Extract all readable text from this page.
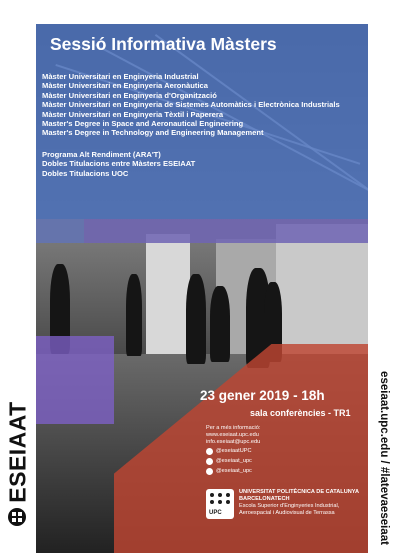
ESEIAAT
Sessió Informativa Màsters
Màster Universitari en Enginyeria Industrial
Màster Universitari en Enginyeria Aeronàutica
Màster Universitari en Enginyeria d'Organització
Màster Universitari en Enginyeria de Sistemes Automàtics i Electrònica Industrials
Màster Universitari en Enginyeria Tèxtil i Paperera
Master's Degree in Space and Aeronautical Engineering
Master's Degree in Technology and Engineering Management
Programa Alt Rendiment (ARA'T)
Dobles Titulacions entre Màsters ESEIAAT
Dobles Titulacions UOC
23 gener 2019 - 18h
sala conferències - TR1
Per a més informació:
www.eseiaat.upc.edu
info.eseiaat@upc.edu
@eseiaatUPC
@eseiaat_upc
@eseiaat_upc
UPC
UNIVERSITAT POLITÈCNICA DE CATALUNYA
BARCELONATECH
Escola Superior d'Enginyeries Industrial,
Aeroespacial i Audiovisual de Terrassa	eseiaat.upc.edu / #latevaeseiaat
